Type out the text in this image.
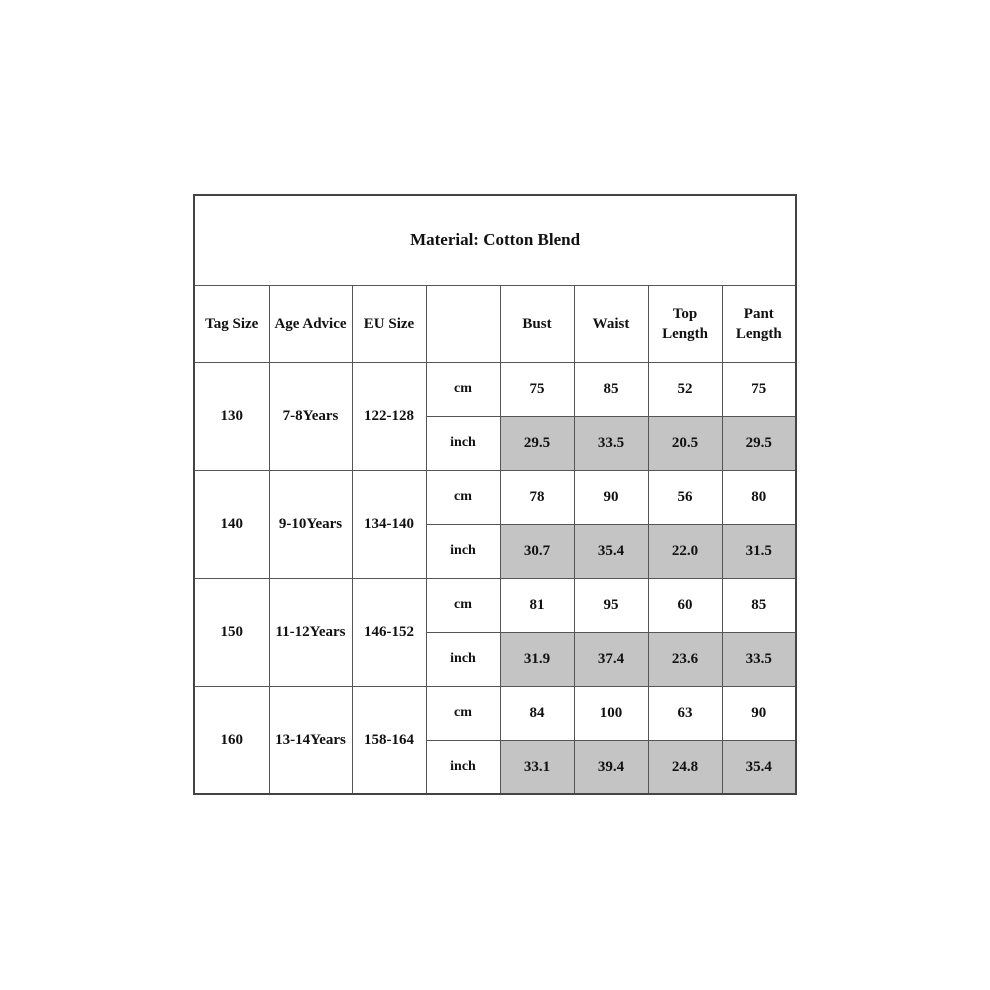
Material: Cotton Blend							
Tag Size	Age Advice	EU Size		Bust	Waist	Top Length	Pant Length
130	7-8Years	122-128	cm	75	85	52	75
			inch	29.5	33.5	20.5	29.5
140	9-10Years	134-140	cm	78	90	56	80
			inch	30.7	35.4	22.0	31.5
150	11-12Years	146-152	cm	81	95	60	85
			inch	31.9	37.4	23.6	33.5
160	13-14Years	158-164	cm	84	100	63	90
			inch	33.1	39.4	24.8	35.4
